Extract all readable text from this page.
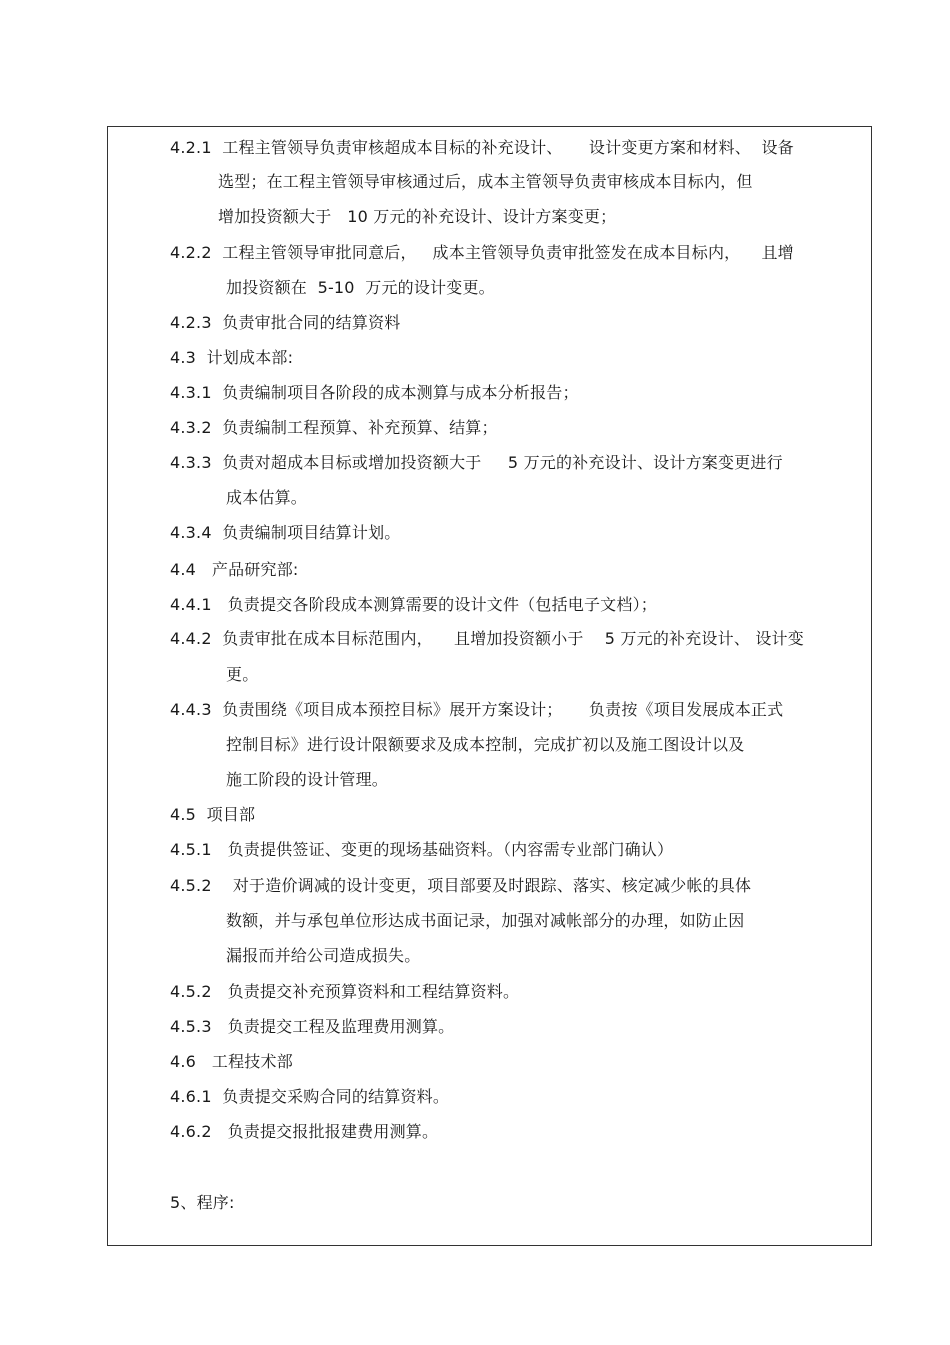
4.2.1  工程主管领导负责审核超成本目标的补充设计、     设计变更方案和材料、  设备
选型；在工程主管领导审核通过后，成本主管领导负责审核成本目标内，但
增加投资额大于   10 万元的补充设计、设计方案变更；
4.2.2  工程主管领导审批同意后，   成本主管领导负责审批签发在成本目标内，    且增
加投资额在  5-10  万元的设计变更。
4.2.3  负责审批合同的结算资料
4.3  计划成本部:
4.3.1  负责编制项目各阶段的成本测算与成本分析报告；
4.3.2  负责编制工程预算、补充预算、结算；
4.3.3  负责对超成本目标或增加投资额大于     5 万元的补充设计、设计方案变更进行
成本估算。
4.3.4  负责编制项目结算计划。
4.4   产品研究部:
4.4.1   负责提交各阶段成本测算需要的设计文件（包括电子文档）；
4.4.2  负责审批在成本目标范围内，    且增加投资额小于    5 万元的补充设计、 设计变
更。
4.4.3  负责围绕《项目成本预控目标》展开方案设计；     负责按《项目发展成本正式
控制目标》进行设计限额要求及成本控制，完成扩初以及施工图设计以及
施工阶段的设计管理。
4.5  项目部
4.5.1   负责提供签证、变更的现场基础资料。（内容需专业部门确认）
4.5.2    对于造价调减的设计变更，项目部要及时跟踪、落实、核定减少帐的具体
数额，并与承包单位形达成书面记录，加强对减帐部分的办理，如防止因
漏报而并给公司造成损失。
4.5.2   负责提交补充预算资料和工程结算资料。
4.5.3   负责提交工程及监理费用测算。
4.6   工程技术部
4.6.1  负责提交采购合同的结算资料。
4.6.2   负责提交报批报建费用测算。
5、程序:
